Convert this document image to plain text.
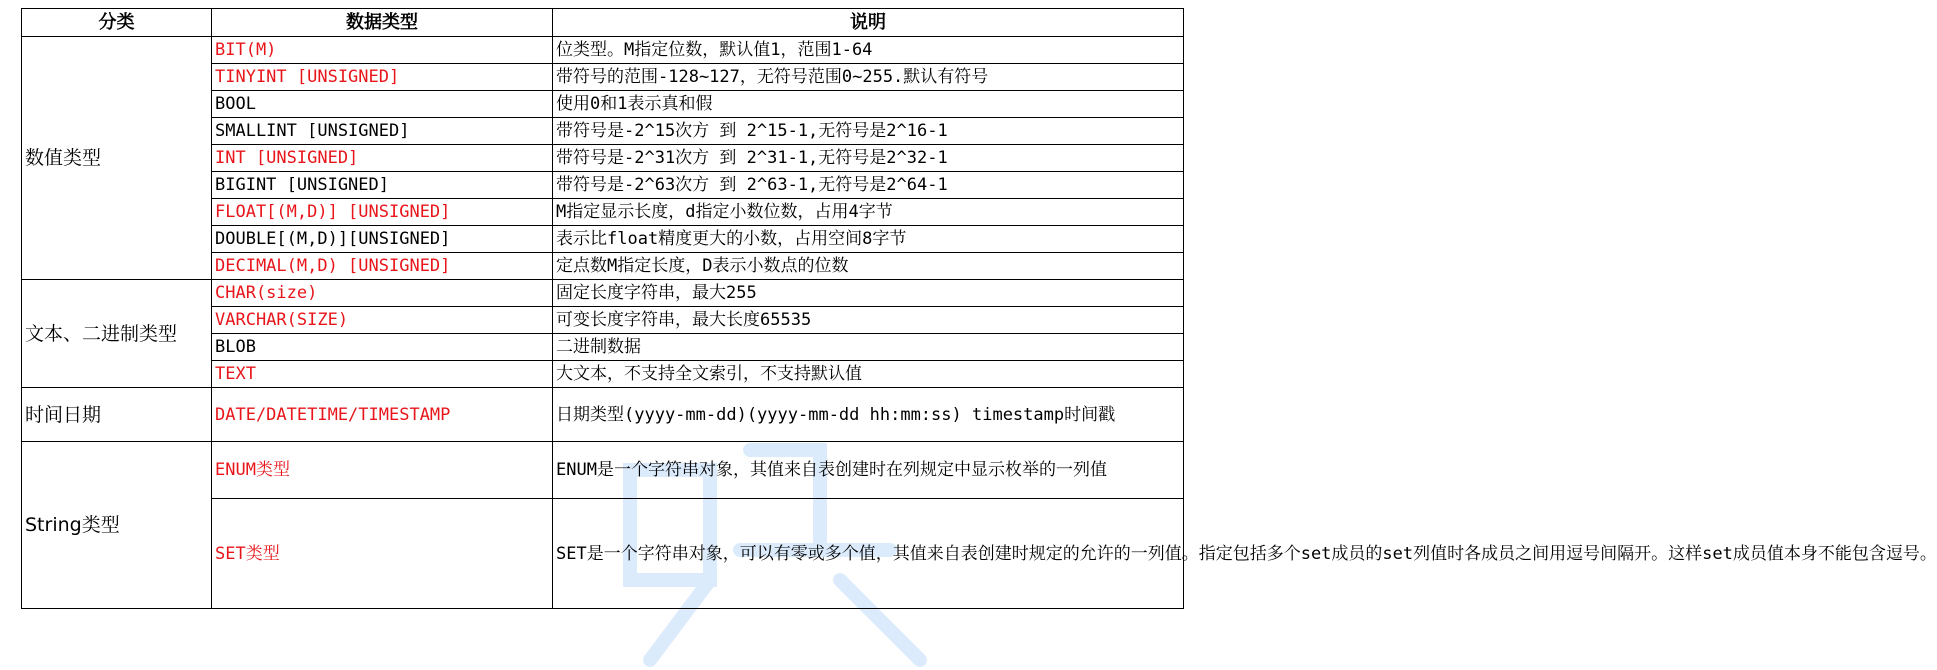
分类	数据类型	说明
数值类型	BIT(M)	位类型。M指定位数，默认值1，范围1-64
	TINYINT [UNSIGNED]	带符号的范围-128~127，无符号范围0~255.默认有符号
	BOOL	使用0和1表示真和假
	SMALLINT [UNSIGNED]	带符号是-2^15次方 到 2^15-1,无符号是2^16-1
	INT [UNSIGNED]	带符号是-2^31次方 到 2^31-1,无符号是2^32-1
	BIGINT [UNSIGNED]	带符号是-2^63次方 到 2^63-1,无符号是2^64-1
	FLOAT[(M,D)] [UNSIGNED]	M指定显示长度，d指定小数位数，占用4字节
	DOUBLE[(M,D)][UNSIGNED]	表示比float精度更大的小数，占用空间8字节
	DECIMAL(M,D) [UNSIGNED]	定点数M指定长度，D表示小数点的位数
文本、二进制类型	CHAR(size)	固定长度字符串，最大255
	VARCHAR(SIZE)	可变长度字符串，最大长度65535
	BLOB	二进制数据
	TEXT	大文本，不支持全文索引，不支持默认值
时间日期	DATE/DATETIME/TIMESTAMP	日期类型(yyyy-mm-dd)(yyyy-mm-dd hh:mm:ss) timestamp时间戳
String类型	ENUM类型	ENUM是一个字符串对象，其值来自表创建时在列规定中显示枚举的一列值
	SET类型	SET是一个字符串对象，可以有零或多个值，其值来自表创建时规定的允许的一列值。指定包括多个set成员的set列值时各成员之间用逗号间隔开。这样set成员值本身不能包含逗号。
